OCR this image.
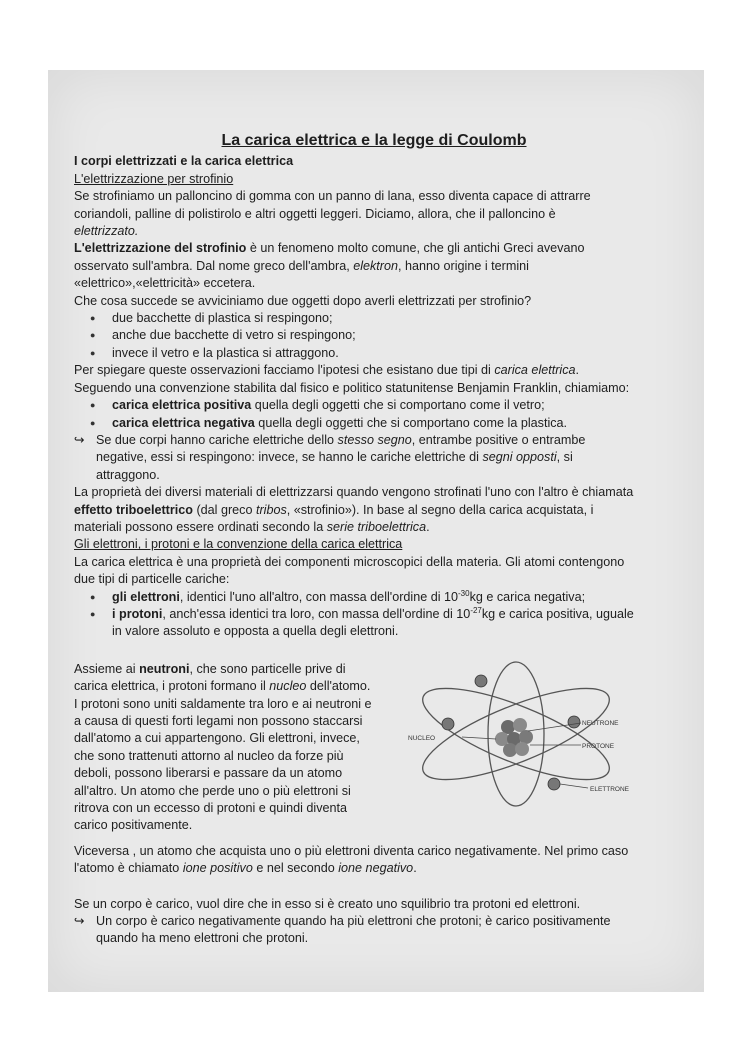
La carica elettrica e la legge di Coulomb

I corpi elettrizzati e la carica elettrica

L'elettrizzazione per strofinio

Se strofiniamo un palloncino di gomma con un panno di lana, esso diventa capace di attrarre coriandoli, palline di polistirolo e altri oggetti leggeri. Diciamo, allora, che il palloncino è
elettrizzato.

L'elettrizzazione del strofinio è un fenomeno molto comune, che gli antichi Greci avevano osservato sull'ambra. Dal nome greco dell'ambra, elektron, hanno origine i termini «elettrico»,«elettricità» eccetera.

Che cosa succede se avviciniamo due oggetti dopo averli elettrizzati per strofinio?

● due bacchette di plastica si respingono;
● anche due bacchette di vetro si respingono;
● invece il vetro e la plastica si attraggono.

Per spiegare queste osservazioni facciamo l'ipotesi che esistano due tipi di carica elettrica. Seguendo una convenzione stabilita dal fisico e politico statunitense Benjamin Franklin, chiamiamo:

● carica elettrica positiva quella degli oggetti che si comportano come il vetro;
● carica elettrica negativa quella degli oggetti che si comportano come la plastica.

↪ Se due corpi hanno cariche elettriche dello stesso segno, entrambe positive o entrambe negative, essi si respingono: invece, se hanno le cariche elettriche di segni opposti, si attraggono.

La proprietà dei diversi materiali di elettrizzarsi quando vengono strofinati l'uno con l'altro è chiamata effetto triboelettrico (dal greco tribos, «strofinio»). In base al segno della carica acquistata, i materiali possono essere ordinati secondo la serie triboelettrica.

Gli elettroni, i protoni e la convenzione della carica elettrica

La carica elettrica è una proprietà dei componenti microscopici della materia. Gli atomi contengono due tipi di particelle cariche:

● gli elettroni, identici l'uno all'altro, con massa dell'ordine di $10^{-30}kg$ e carica negativa;
● i protoni, anch'essa identici tra loro, con massa dell'ordine di $10^{-27}kg$ e carica positiva, uguale in valore assoluto e opposta a quella degli elettroni.

Assieme ai neutroni, che sono particelle prive di carica elettrica, i protoni formano il nucleo dell'atomo. I protoni sono uniti saldamente tra loro e ai neutroni e a causa di questi forti legami non possono staccarsi dall'atomo a cui appartengono. Gli elettroni, invece, che sono trattenuti attorno al nucleo da forze più deboli, possono liberarsi e passare da un atomo all'altro. Un atomo che perde uno o più elettroni si ritrova con un eccesso di protoni e quindi diventa carico positivamente.

NUCLEO
NEUTRONE
PROTONE
ELETTRONE

Viceversa , un atomo che acquista uno o più elettroni diventa carico negativamente. Nel primo caso l'atomo è chiamato ione positivo e nel secondo ione negativo.

Se un corpo è carico, vuol dire che in esso si è creato uno squilibrio tra protoni ed elettroni.

↪ Un corpo è carico negativamente quando ha più elettroni che protoni; è carico positivamente quando ha meno elettroni che protoni.
